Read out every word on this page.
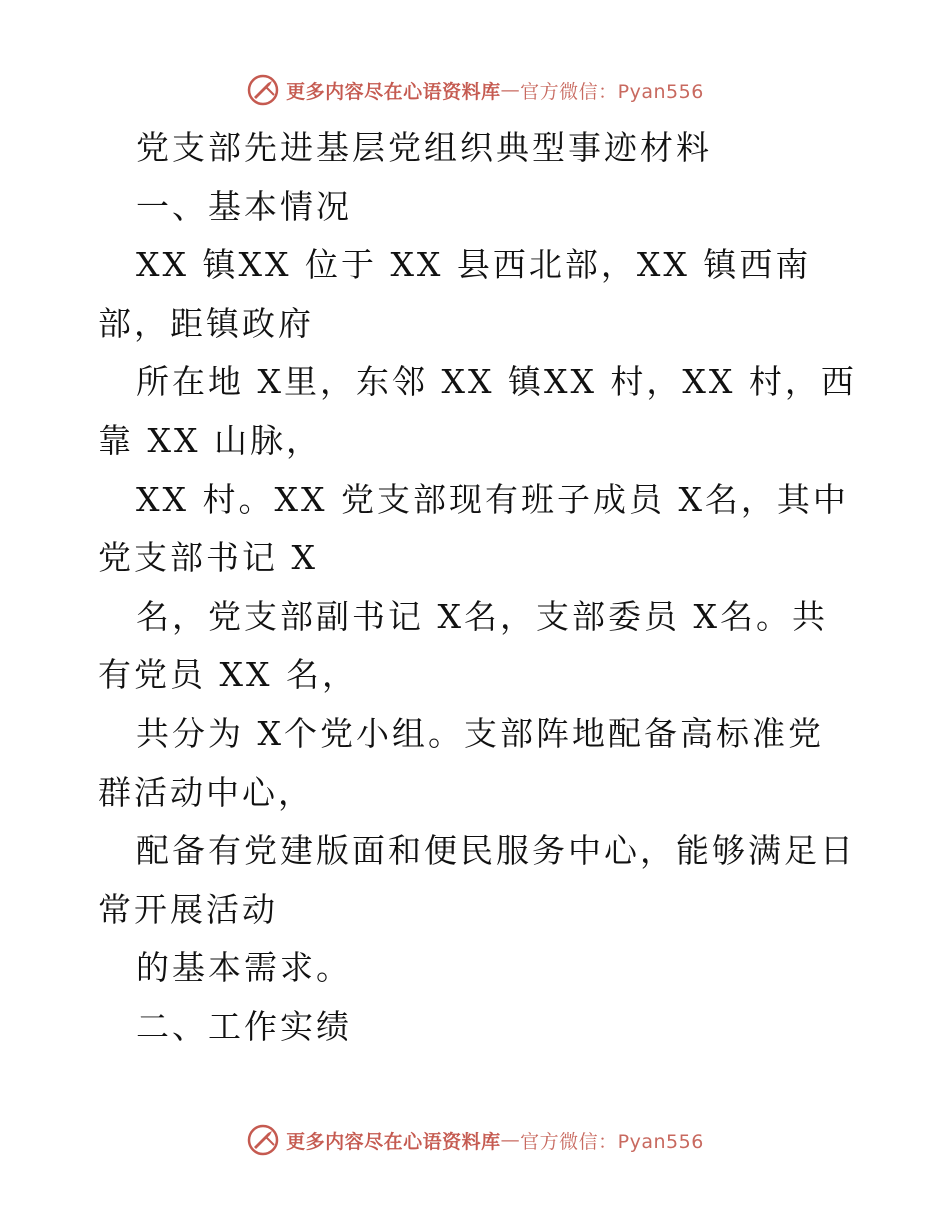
更多内容尽在心语资料库 — 官方微信：Pyan556

党支部先进基层党组织典型事迹材料

一、基本情况

XX 镇XX 位于 XX 县西北部，XX 镇西南部，距镇政府

所在地 X里，东邻 XX 镇XX 村，XX 村，西靠 XX 山脉，

XX 村。XX 党支部现有班子成员 X名，其中党支部书记 X

名，党支部副书记 X名，支部委员 X名。共有党员 XX 名，

共分为 X个党小组。支部阵地配备高标准党群活动中心，

配备有党建版面和便民服务中心，能够满足日常开展活动

的基本需求。

二、工作实绩

更多内容尽在心语资料库 — 官方微信：Pyan556
